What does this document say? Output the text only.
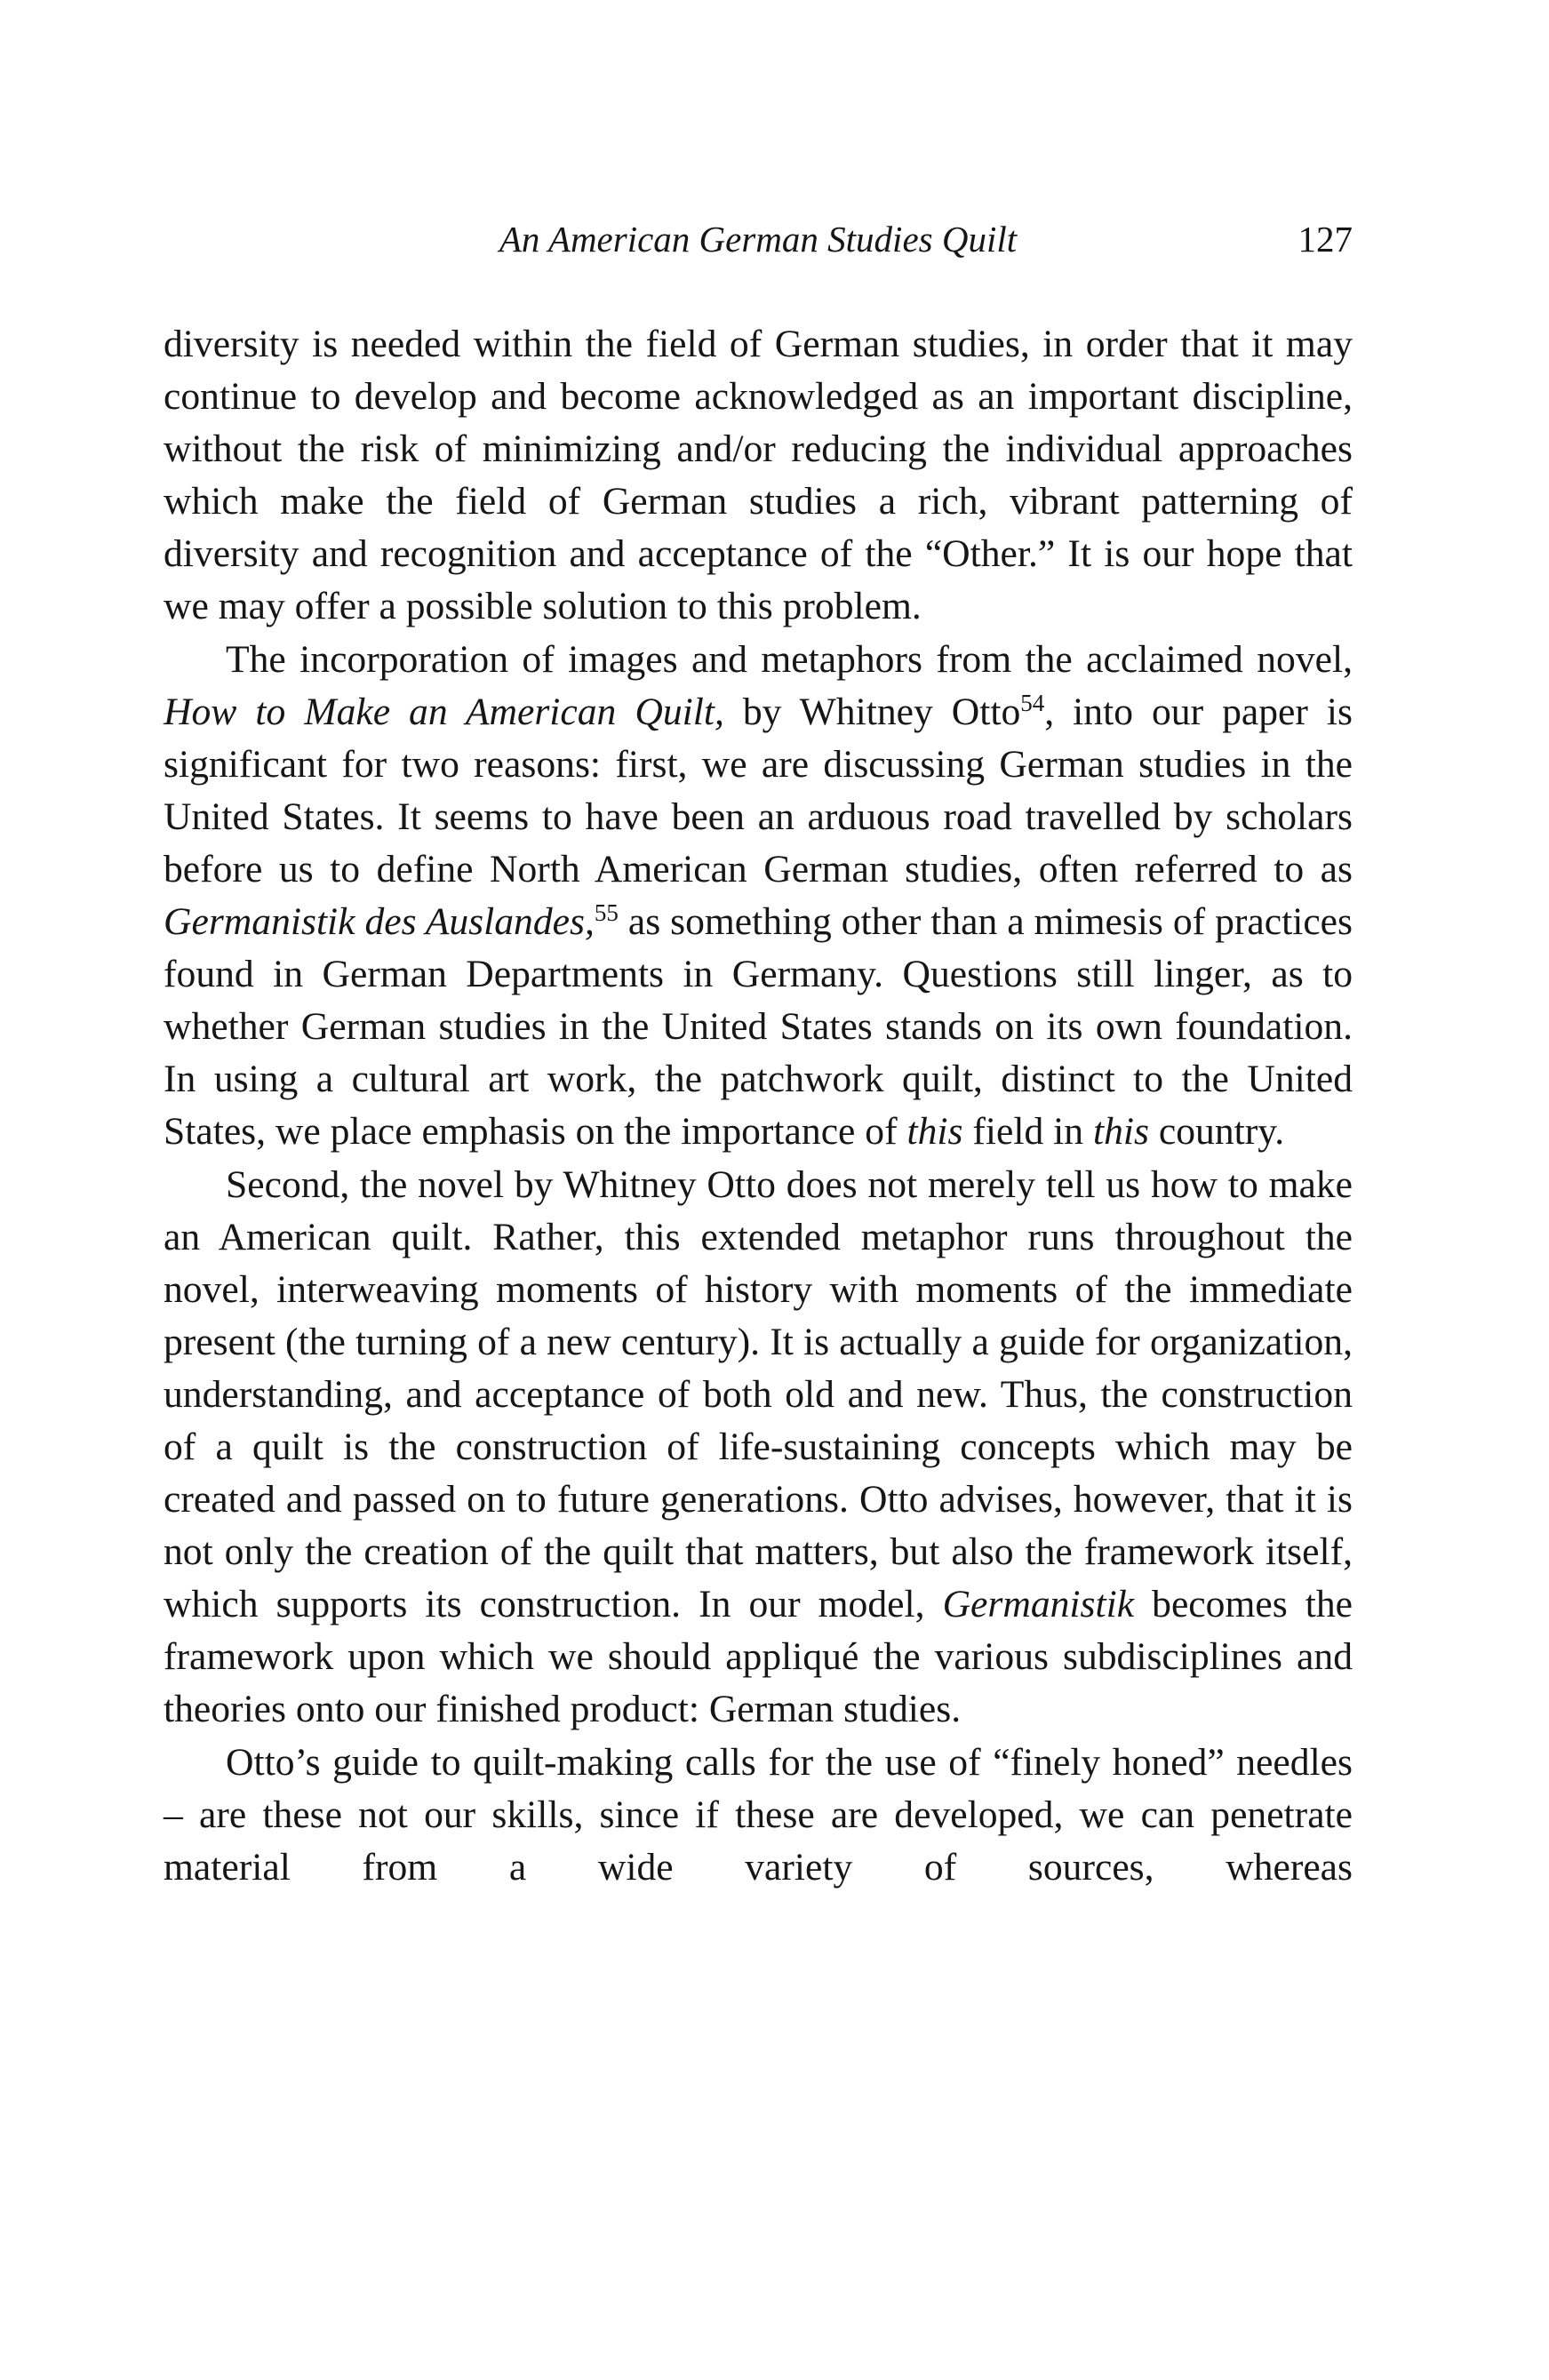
An American German Studies Quilt	127

diversity is needed within the field of German studies, in order that it may continue to develop and become acknowledged as an important discipline, without the risk of minimizing and/or reducing the individual approaches which make the field of German studies a rich, vibrant patterning of diversity and recognition and acceptance of the “Other.” It is our hope that we may offer a possible solution to this problem.

The incorporation of images and metaphors from the acclaimed novel, How to Make an American Quilt, by Whitney Otto$^{54}$, into our paper is significant for two reasons: first, we are discussing German studies in the United States. It seems to have been an arduous road travelled by scholars before us to define North American German studies, often referred to as Germanistik des Auslandes,$^{55}$ as something other than a mimesis of practices found in German Departments in Germany. Questions still linger, as to whether German studies in the United States stands on its own foundation. In using a cultural art work, the patchwork quilt, distinct to the United States, we place emphasis on the importance of this field in this country.

Second, the novel by Whitney Otto does not merely tell us how to make an American quilt. Rather, this extended metaphor runs throughout the novel, interweaving moments of history with moments of the immediate present (the turning of a new century). It is actually a guide for organization, understanding, and acceptance of both old and new. Thus, the construction of a quilt is the construction of life-sustaining concepts which may be created and passed on to future generations. Otto advises, however, that it is not only the creation of the quilt that matters, but also the framework itself, which supports its construction. In our model, Germanistik becomes the framework upon which we should appliqué the various subdisciplines and theories onto our finished product: German studies.

Otto’s guide to quilt-making calls for the use of “finely honed” needles – are these not our skills, since if these are developed, we can penetrate material from a wide variety of sources, whereas
